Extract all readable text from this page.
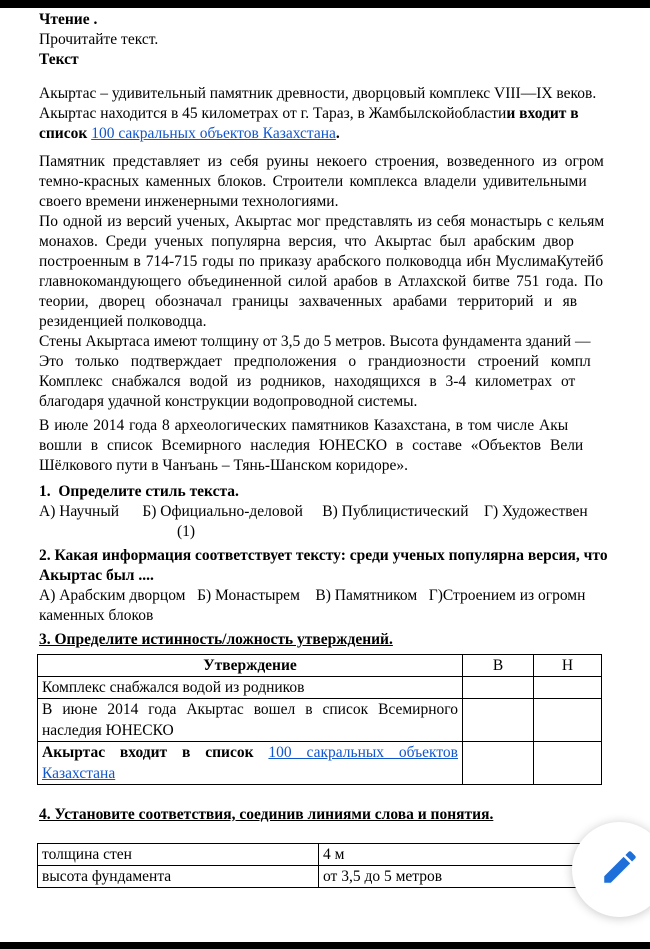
Чтение .
Прочитайте текст.
Текст
Акыртас – удивительный памятник древности, дворцовый комплекс VIII—IX веков.
Акыртас находится в 45 километрах от г. Тараз, в Жамбылскойобластии входит в
список 100 сакральных объектов Казахстана.
Памятник представляет из себя руины некоего строения, возведенного из огром
темно-красных каменных блоков. Строители комплекса владели удивительными
своего времени инженерными технологиями.
По одной из версий ученых, Акыртас мог представлять из себя монастырь с кельям
монахов. Среди ученых популярна версия, что Акыртас был арабским двор
построенным в 714-715 годы по приказу арабского полководца ибн МуслимаКутейб
главнокомандующего объединенной силой арабов в Атлахской битве 751 года. По
теории, дворец обозначал границы захваченных арабами территорий и яв
резиденцией полководца.
Стены Акыртаса имеют толщину от 3,5 до 5 метров. Высота фундамента зданий —
Это только подтверждает предположения о грандиозности строений компл
Комплекс снабжался водой из родников, находящихся в 3-4 километрах от
благодаря удачной конструкции водопроводной системы.
В июле 2014 года 8 археологических памятников Казахстана, в том числе Акы
вошли в список Всемирного наследия ЮНЕСКО в составе «Объектов Вели
Шёлкового пути в Чанъань – Тянь-Шанском коридоре».
1.  Определите стиль текста.
А) Научный      Б) Официально-деловой     В) Публицистический    Г) Художествен
(1)
2. Какая информация соответствует тексту: среди ученых популярна версия, что
Акыртас был ....
А) Арабским дворцом   Б) Монастырем    В) Памятником   Г)Строением из огромн
каменных блоков
3. Определите истинность/ложность утверждений.
Утверждение	В	Н
Комплекс снабжался водой из родников		
В июне 2014 года Акыртас вошел в список Всемирного наследия ЮНЕСКО		
Акыртас входит в список 100 сакральных объектов Казахстана		
4. Установите соответствия, соединив линиями слова и понятия.
толщина стен	4 м
высота фундамента	от 3,5 до 5 метров
